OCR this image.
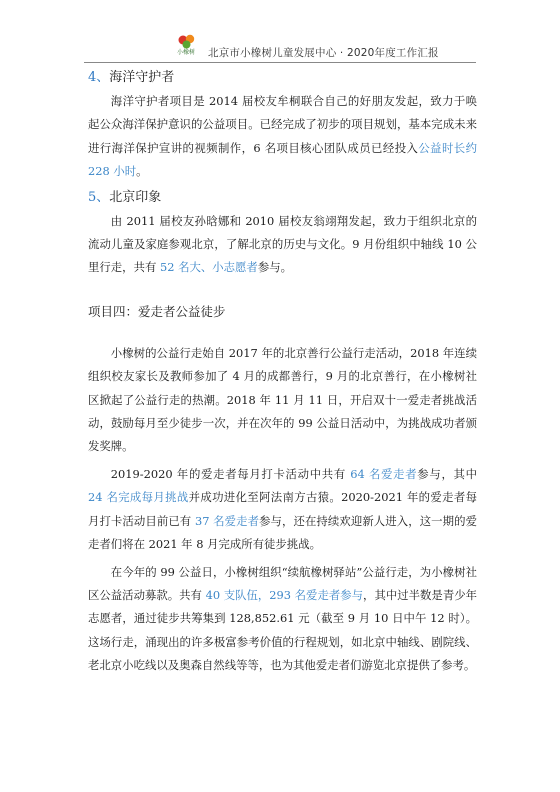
小橡树 北京市小橡树儿童发展中心 · 2020年度工作汇报

4、海洋守护者

海洋守护者项目是 2014 届校友牟桐联合自己的好朋友发起，致力于唤起公众海洋保护意识的公益项目。已经完成了初步的项目规划，基本完成未来进行海洋保护宣讲的视频制作，6 名项目核心团队成员已经投入公益时长约 228 小时。

5、北京印象

由 2011 届校友孙晗娜和 2010 届校友翁翊翔发起，致力于组织北京的流动儿童及家庭参观北京，了解北京的历史与文化。9 月份组织中轴线 10 公里行走，共有 52 名大、小志愿者参与。

项目四：爱走者公益徒步

小橡树的公益行走始自 2017 年的北京善行公益行走活动，2018 年连续组织校友家长及教师参加了 4 月的成都善行，9 月的北京善行，在小橡树社区掀起了公益行走的热潮。2018 年 11 月 11 日，开启双十一爱走者挑战活动，鼓励每月至少徒步一次，并在次年的 99 公益日活动中，为挑战成功者颁发奖牌。

2019-2020 年的爱走者每月打卡活动中共有 64 名爱走者参与，其中 24 名完成每月挑战并成功进化至阿法南方古猿。2020-2021 年的爱走者每月打卡活动目前已有 37 名爱走者参与，还在持续欢迎新人进入，这一期的爱走者们将在 2021 年 8 月完成所有徒步挑战。

在今年的 99 公益日，小橡树组织“续航橡树驿站”公益行走，为小橡树社区公益活动募款。共有 40 支队伍，293 名爱走者参与，其中过半数是青少年志愿者，通过徒步共筹集到 128,852.61 元（截至 9 月 10 日中午 12 时）。这场行走，涌现出的许多极富参考价值的行程规划，如北京中轴线、剧院线、老北京小吃线以及奥森自然线等等，也为其他爱走者们游览北京提供了参考。
